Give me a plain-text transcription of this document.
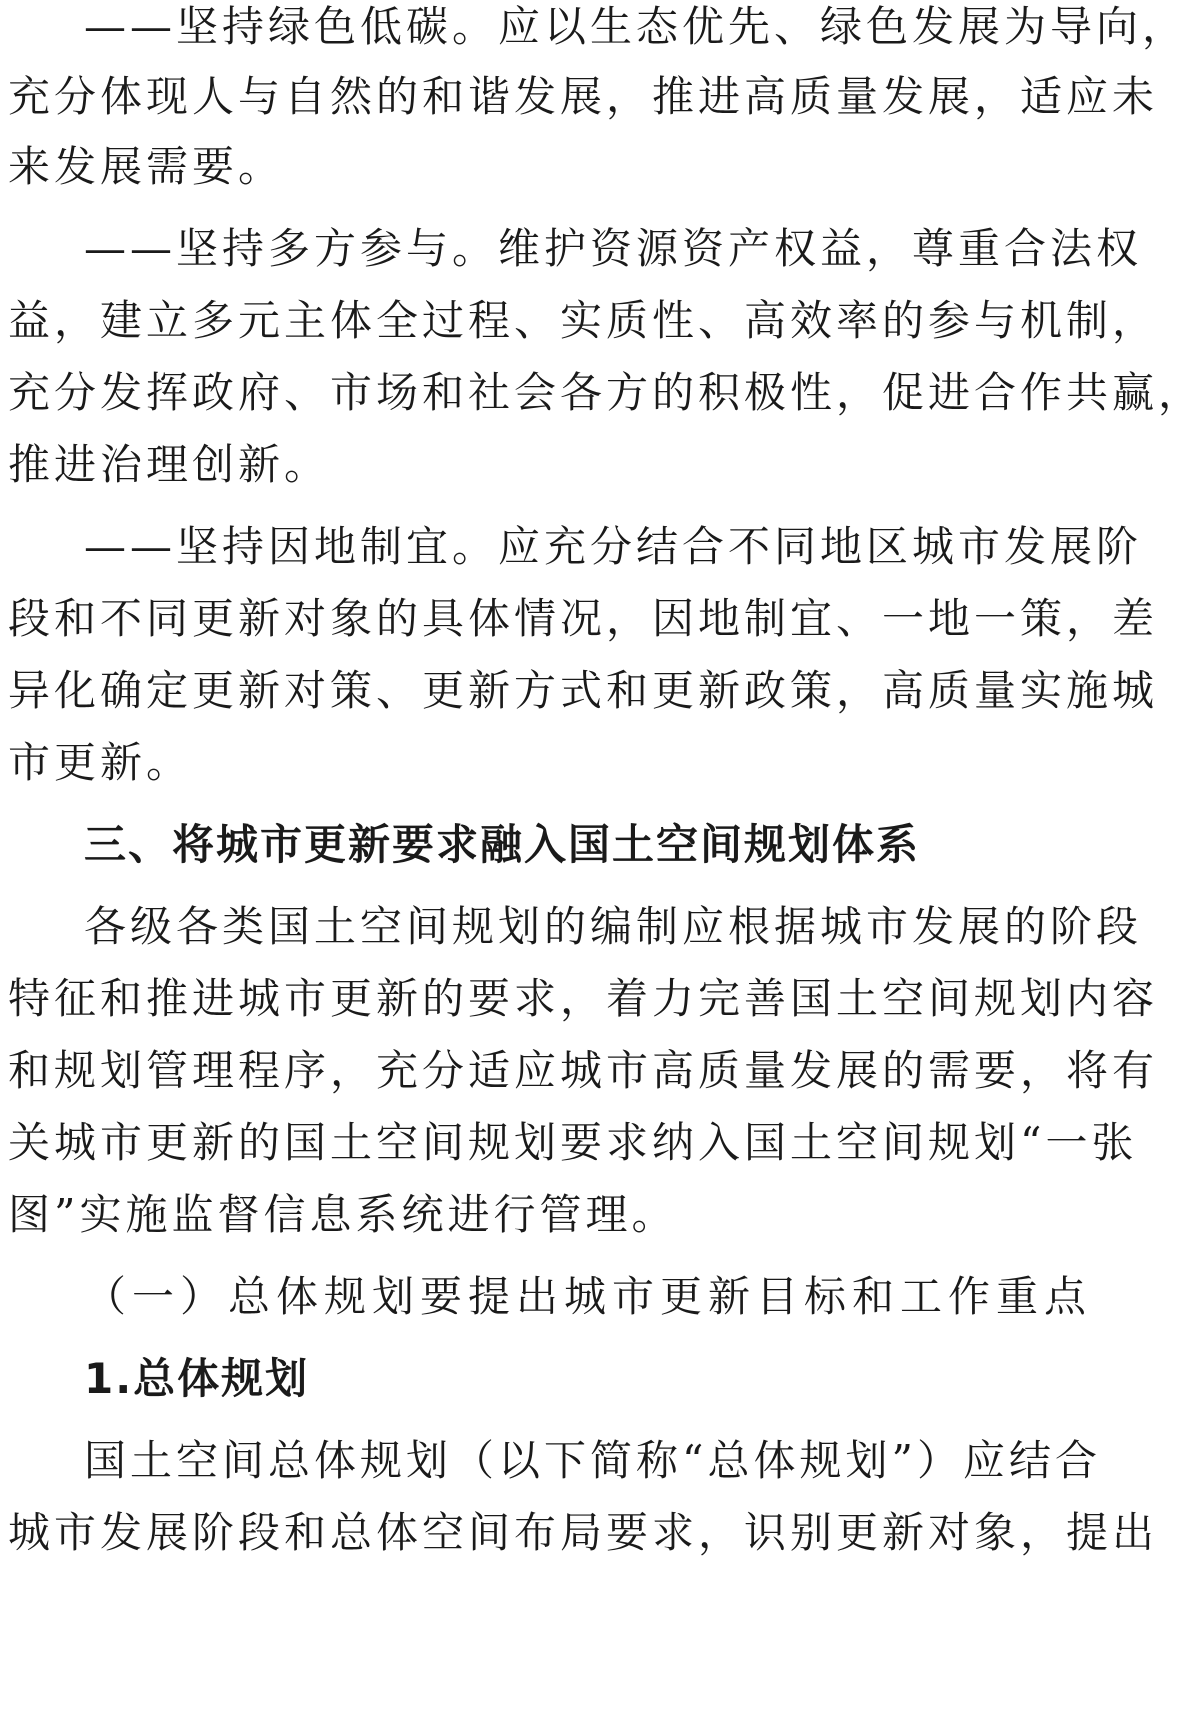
——坚持绿色低碳。应以生态优先、绿色发展为导向，
充分体现人与自然的和谐发展，推进高质量发展，适应未
来发展需要。
——坚持多方参与。维护资源资产权益，尊重合法权
益，建立多元主体全过程、实质性、高效率的参与机制，
充分发挥政府、市场和社会各方的积极性，促进合作共赢，
推进治理创新。
——坚持因地制宜。应充分结合不同地区城市发展阶
段和不同更新对象的具体情况，因地制宜、一地一策，差
异化确定更新对策、更新方式和更新政策，高质量实施城
市更新。
三、将城市更新要求融入国土空间规划体系
各级各类国土空间规划的编制应根据城市发展的阶段
特征和推进城市更新的要求，着力完善国土空间规划内容
和规划管理程序，充分适应城市高质量发展的需要，将有
关城市更新的国土空间规划要求纳入国土空间规划“一张
图”实施监督信息系统进行管理。
（一）总体规划要提出城市更新目标和工作重点
1.总体规划
国土空间总体规划（以下简称“总体规划”）应结合
城市发展阶段和总体空间布局要求，识别更新对象，提出
